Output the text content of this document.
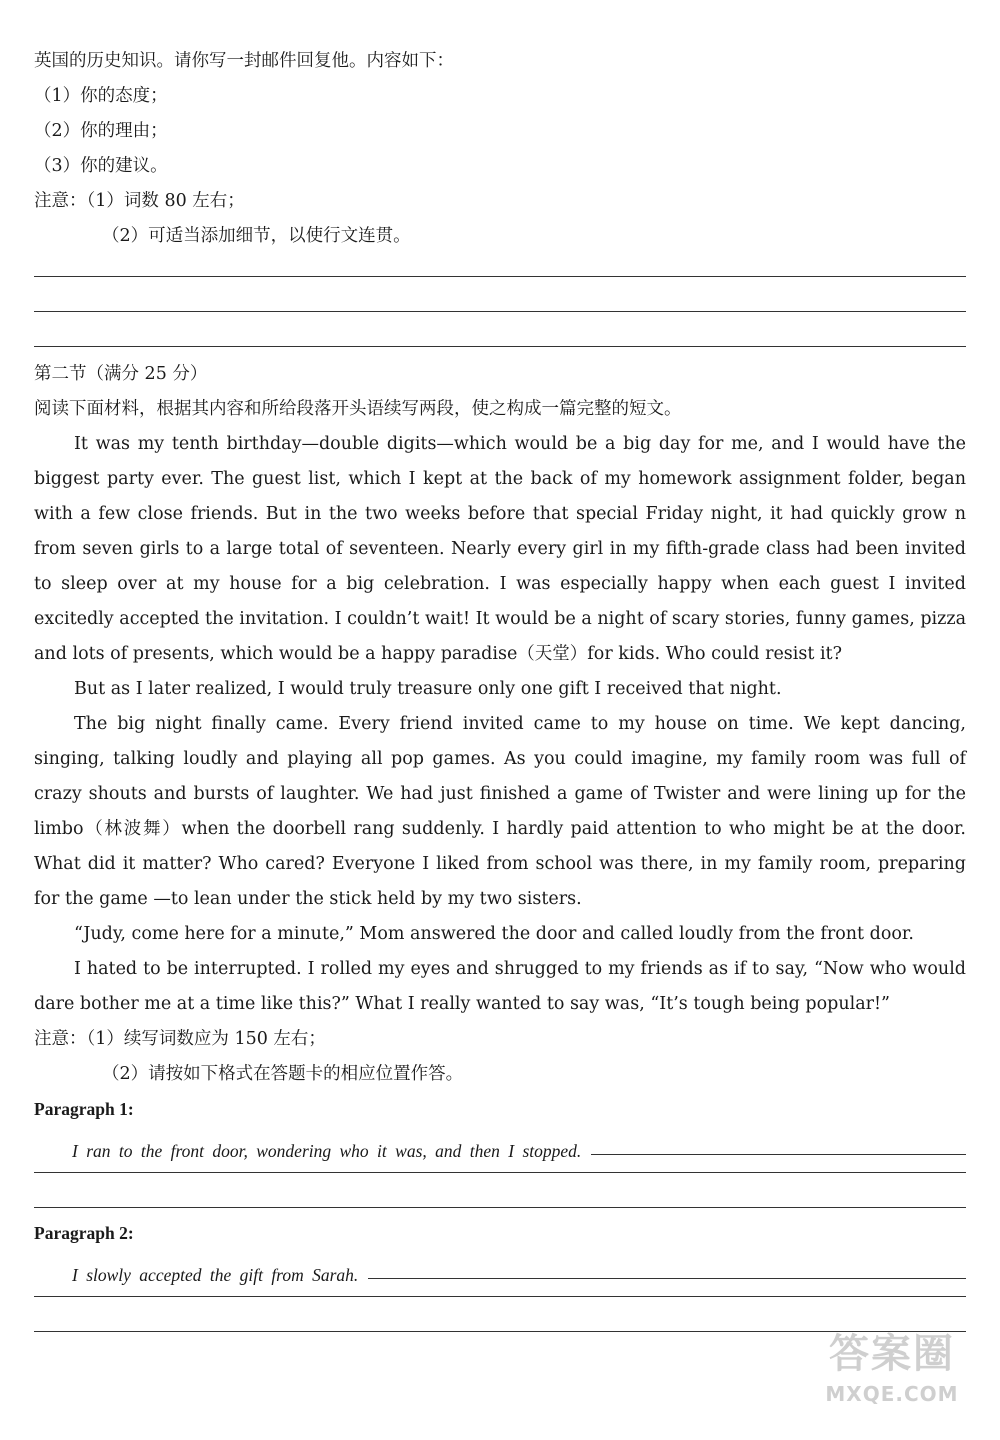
英国的历史知识。请你写一封邮件回复他。内容如下：
（1）你的态度；
（2）你的理由；
（3）你的建议。
注意：（1）词数 80 左右；
（2）可适当添加细节，以使行文连贯。
第二节（满分 25 分）
阅读下面材料，根据其内容和所给段落开头语续写两段，使之构成一篇完整的短文。

It was my tenth birthday—double digits—which would be a big day for me, and I would have the biggest party ever. The guest list, which I kept at the back of my homework assignment folder, began with a few close friends. But in the two weeks before that special Friday night, it had quickly grow n from seven girls to a large total of seventeen. Nearly every girl in my fifth-grade class had been invited to sleep over at my house for a big celebration. I was especially happy when each guest I invited excitedly accepted the invitation. I couldn’t wait! It would be a night of scary stories, funny games, pizza and lots of presents, which would be a happy paradise（天堂）for kids. Who could resist it?

But as I later realized, I would truly treasure only one gift I received that night.

The big night finally came. Every friend invited came to my house on time. We kept dancing, singing, talking loudly and playing all pop games. As you could imagine, my family room was full of crazy shouts and bursts of laughter. We had just finished a game of Twister and were lining up for the limbo（林波舞）when the doorbell rang suddenly. I hardly paid attention to who might be at the door. What did it matter? Who cared? Everyone I liked from school was there, in my family room, preparing for the game —to lean under the stick held by my two sisters.

“Judy, come here for a minute,” Mom answered the door and called loudly from the front door.

I hated to be interrupted. I rolled my eyes and shrugged to my friends as if to say, “Now who would dare bother me at a time like this?” What I really wanted to say was, “It’s tough being popular!”

注意：（1）续写词数应为 150 左右；
（2）请按如下格式在答题卡的相应位置作答。
Paragraph 1:
I ran to the front door, wondering who it was, and then I stopped.
Paragraph 2:
I slowly accepted the gift from Sarah.
答案圈
MXQE.COM
